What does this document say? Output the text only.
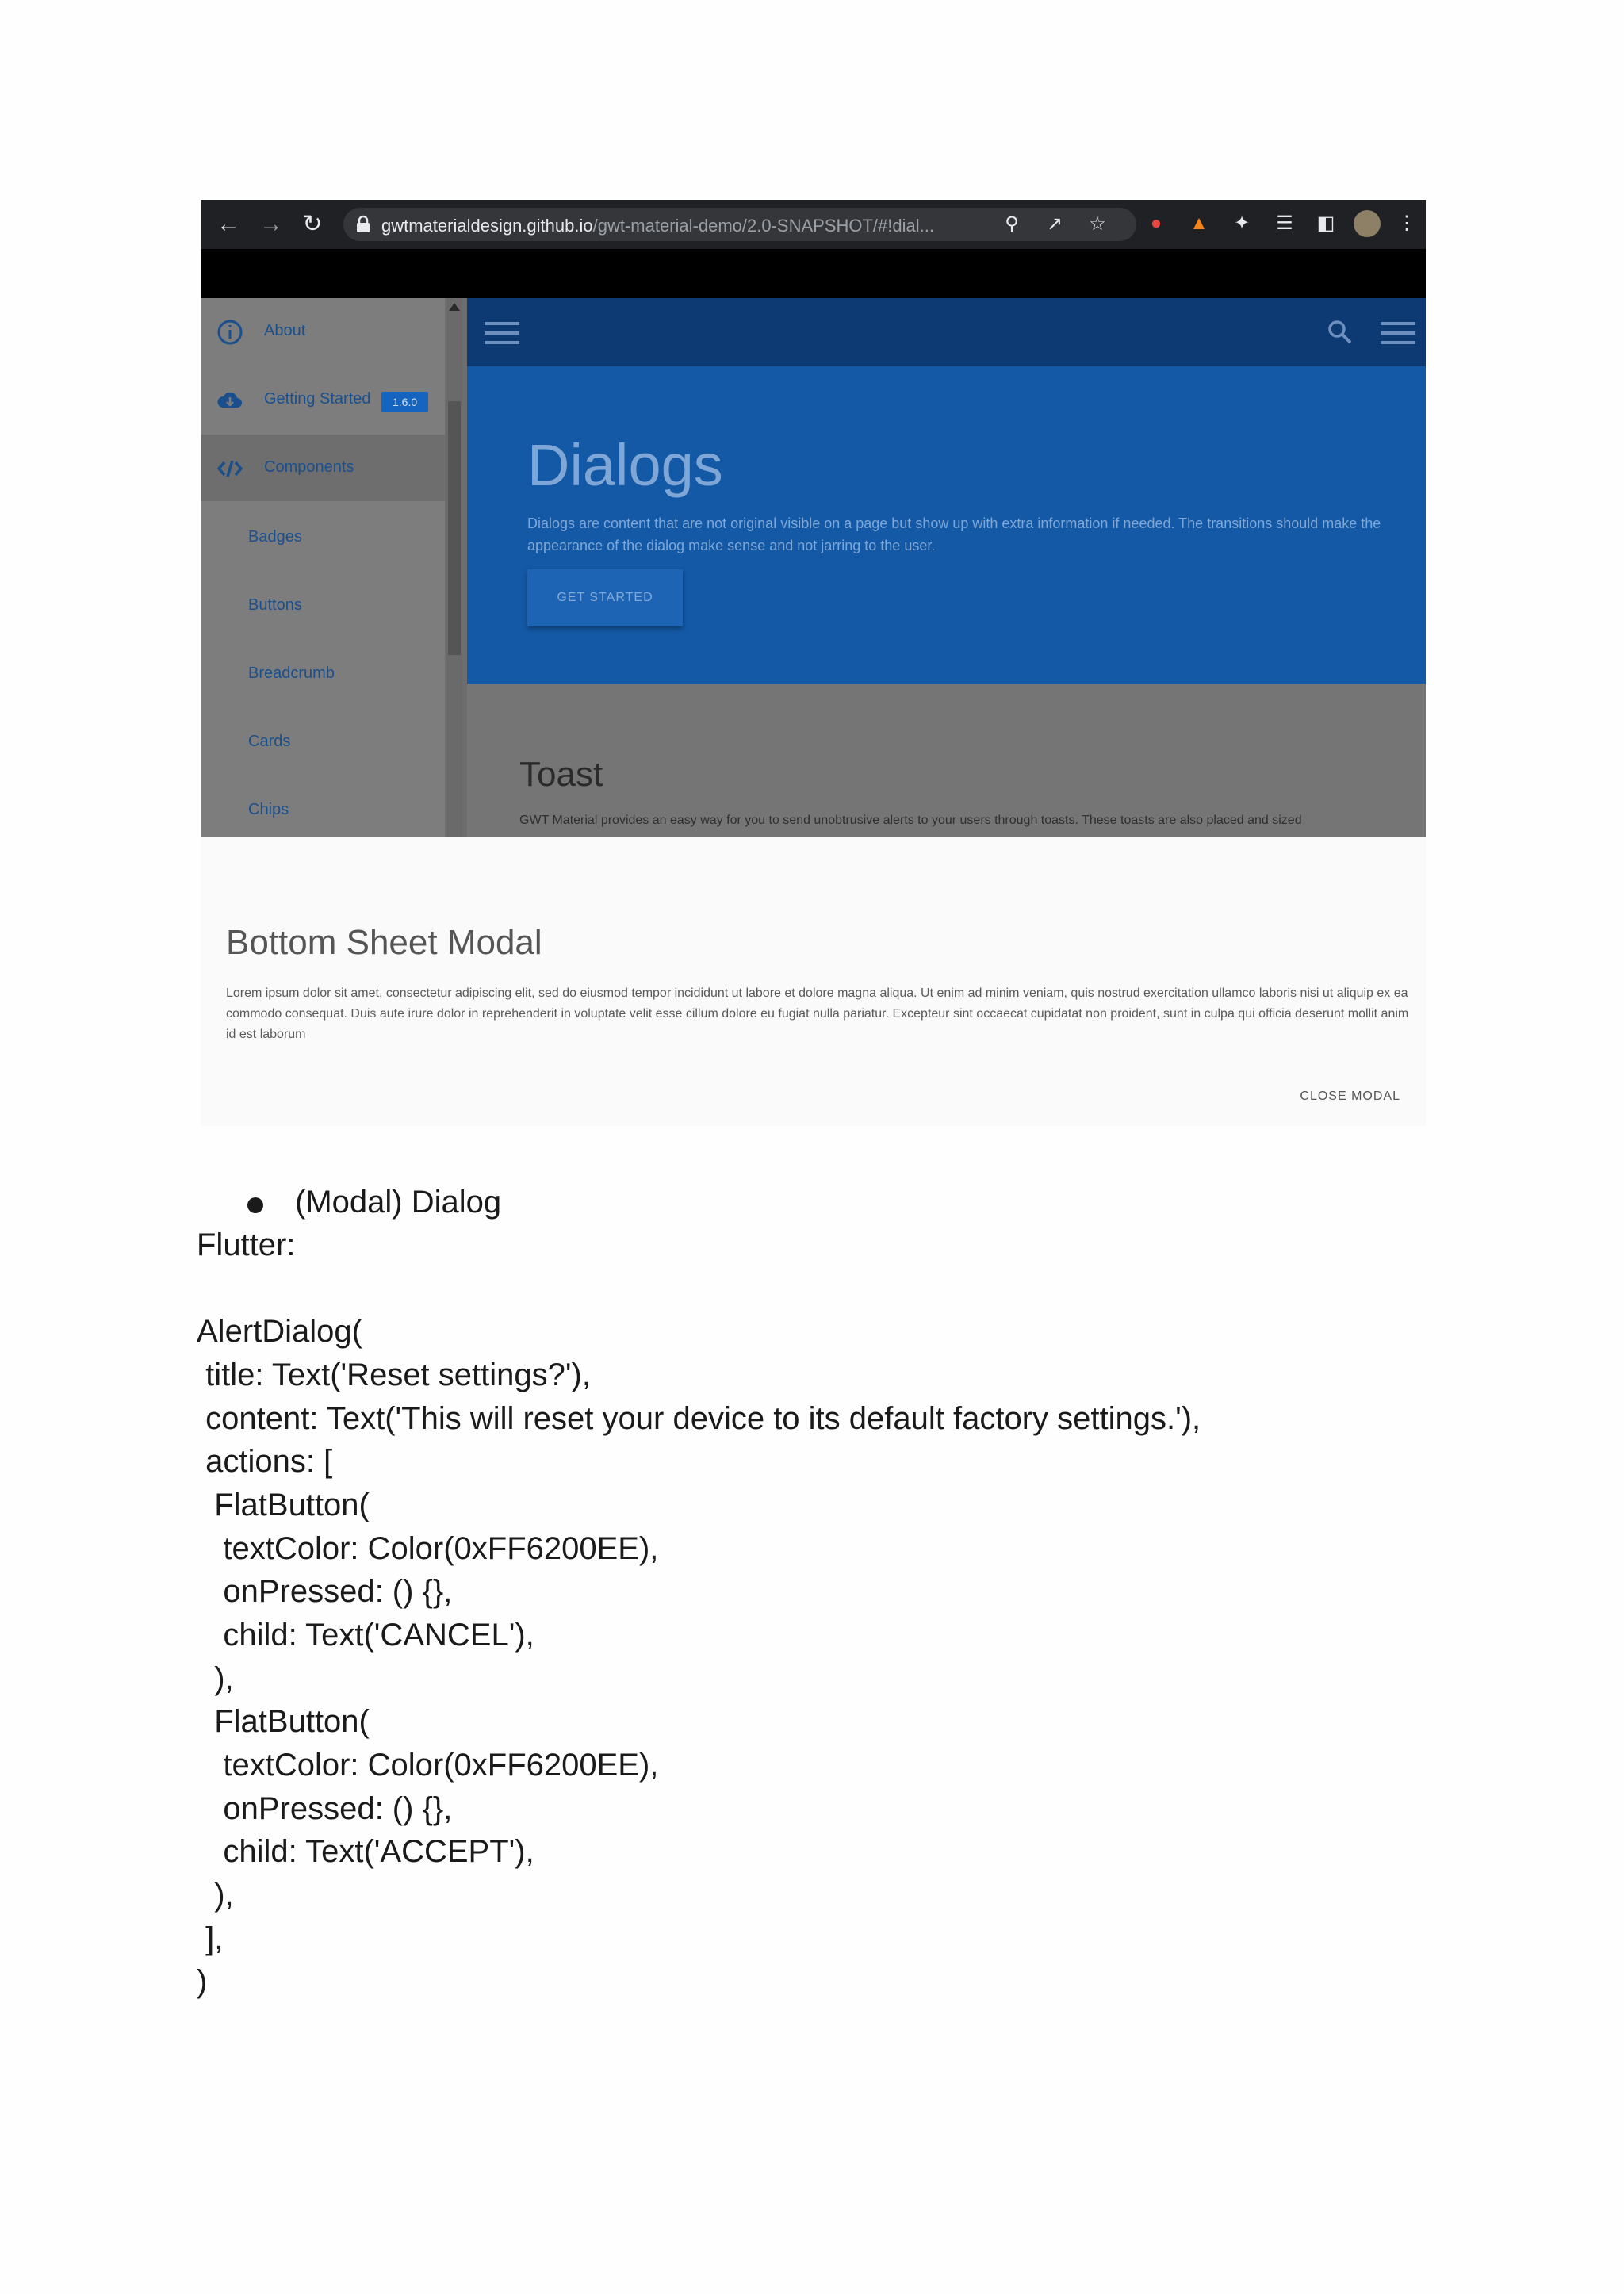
← → ↻	gwtmaterialdesign.github.io/gwt-material-demo/2.0-SNAPSHOT/#!dial...	⚲ ↗ ☆	●	▲ ✦ ☰ ◧	⋮
About
Getting Started	1.6.0
Components
Badges
Buttons
Breadcrumb
Cards
Chips
Dialogs
Dialogs are content that are not original visible on a page but show up with extra information if needed. The transitions should make the appearance of the dialog make sense and not jarring to the user.
GET STARTED
Toast
GWT Material provides an easy way for you to send unobtrusive alerts to your users through toasts. These toasts are also placed and sized
Bottom Sheet Modal
Lorem ipsum dolor sit amet, consectetur adipiscing elit, sed do eiusmod tempor incididunt ut labore et dolore magna aliqua. Ut enim ad minim veniam, quis nostrud exercitation ullamco laboris nisi ut aliquip ex ea commodo consequat. Duis aute irure dolor in reprehenderit in voluptate velit esse cillum dolore eu fugiat nulla pariatur. Excepteur sint occaecat cupidatat non proident, sunt in culpa qui officia deserunt mollit anim id est laborum
CLOSE MODAL
(Modal) Dialog
Flutter:
AlertDialog(
title: Text('Reset settings?'),
content: Text('This will reset your device to its default factory settings.'),
actions: [
FlatButton(
textColor: Color(0xFF6200EE),
onPressed: () {},
child: Text('CANCEL'),
),
FlatButton(
textColor: Color(0xFF6200EE),
onPressed: () {},
child: Text('ACCEPT'),
),
],
)
